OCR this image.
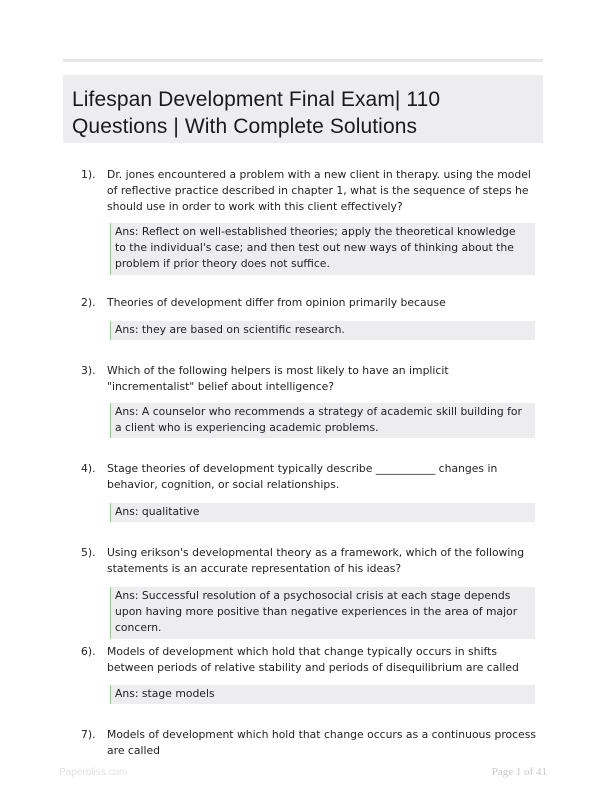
Lifespan Development Final Exam| 110 Questions | With Complete Solutions
1). Dr. jones encountered a problem with a new client in therapy. using the model of reflective practice described in chapter 1, what is the sequence of steps he should use in order to work with this client effectively?
Ans: Reflect on well-established theories; apply the theoretical knowledge to the individual's case; and then test out new ways of thinking about the problem if prior theory does not suffice.
2). Theories of development differ from opinion primarily because
Ans: they are based on scientific research.
3). Which of the following helpers is most likely to have an implicit "incrementalist" belief about intelligence?
Ans: A counselor who recommends a strategy of academic skill building for a client who is experiencing academic problems.
4). Stage theories of development typically describe ___________ changes in behavior, cognition, or social relationships.
Ans: qualitative
5). Using erikson's developmental theory as a framework, which of the following statements is an accurate representation of his ideas?
Ans: Successful resolution of a psychosocial crisis at each stage depends upon having more positive than negative experiences in the area of major concern.
6). Models of development which hold that change typically occurs in shifts between periods of relative stability and periods of disequilibrium are called
Ans: stage models
7). Models of development which hold that change occurs as a continuous process are called
Paperbliss.com	Page 1 of 41
